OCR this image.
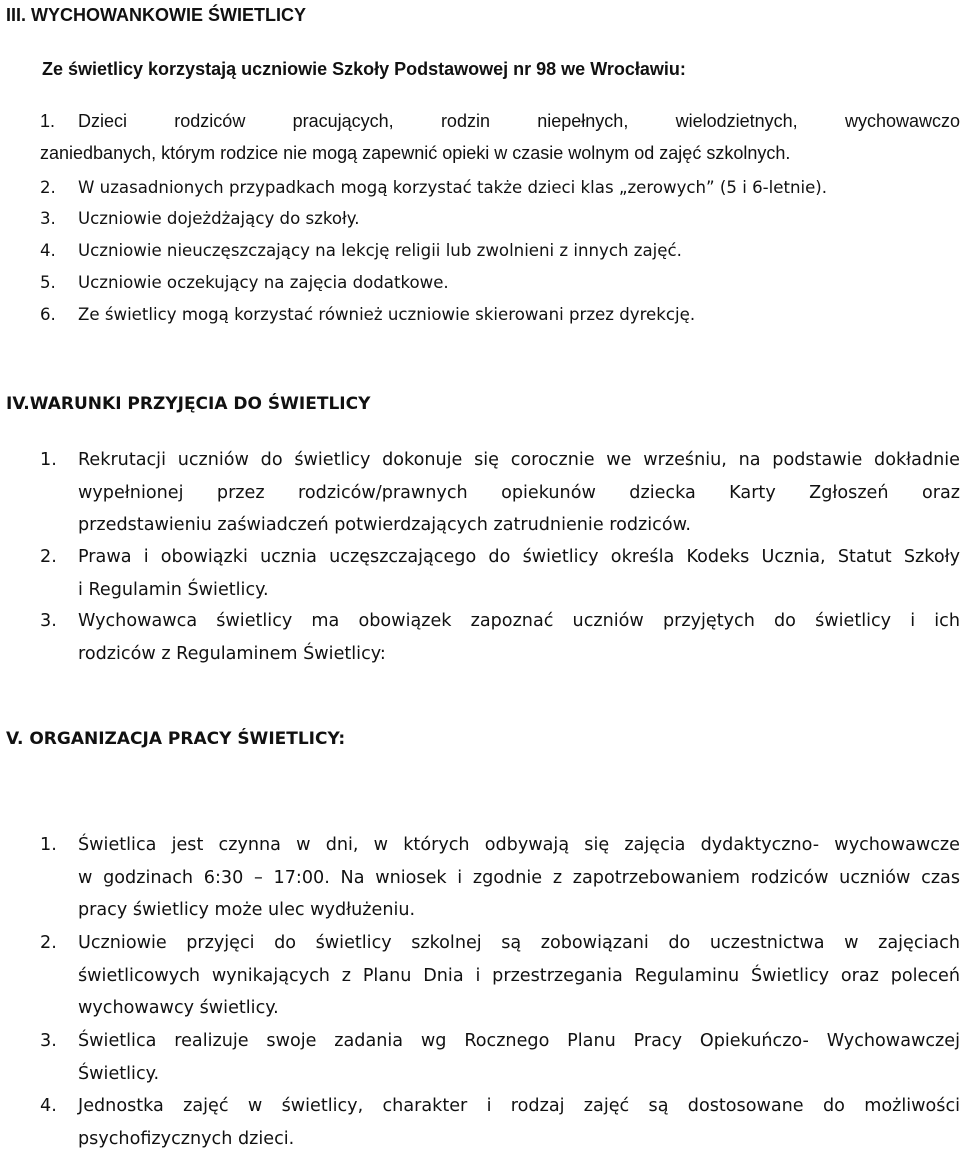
III. WYCHOWANKOWIE ŚWIETLICY
Ze świetlicy korzystają uczniowie Szkoły Podstawowej nr 98 we Wrocławiu:
1. Dzieci rodziców pracujących, rodzin niepełnych, wielodzietnych, wychowawczo
zaniedbanych, którym rodzice nie mogą zapewnić opieki w czasie wolnym od zajęć szkolnych.
2. W uzasadnionych przypadkach mogą korzystać także dzieci klas „zerowych” (5 i 6-letnie).
3. Uczniowie dojeżdżający do szkoły.
4. Uczniowie nieuczęszczający na lekcję religii lub zwolnieni z innych zajęć.
5. Uczniowie oczekujący na zajęcia dodatkowe.
6. Ze świetlicy mogą korzystać również uczniowie skierowani przez dyrekcję.
IV.WARUNKI PRZYJĘCIA DO ŚWIETLICY
1. Rekrutacji uczniów do świetlicy dokonuje się corocznie we wrześniu, na podstawie dokładnie
wypełnionej przez rodziców/prawnych opiekunów dziecka Karty Zgłoszeń oraz
przedstawieniu zaświadczeń potwierdzających zatrudnienie rodziców.
2. Prawa i obowiązki ucznia uczęszczającego do świetlicy określa Kodeks Ucznia, Statut Szkoły
i Regulamin Świetlicy.
3. Wychowawca świetlicy ma obowiązek zapoznać uczniów przyjętych do świetlicy i ich
rodziców z Regulaminem Świetlicy:
V. ORGANIZACJA PRACY ŚWIETLICY:
1. Świetlica jest czynna w dni, w których odbywają się zajęcia dydaktyczno- wychowawcze
w godzinach 6:30 – 17:00. Na wniosek i zgodnie z zapotrzebowaniem rodziców uczniów czas
pracy świetlicy może ulec wydłużeniu.
2. Uczniowie przyjęci do świetlicy szkolnej są zobowiązani do uczestnictwa w zajęciach
świetlicowych wynikających z Planu Dnia i przestrzegania Regulaminu Świetlicy oraz poleceń
wychowawcy świetlicy.
3. Świetlica realizuje swoje zadania wg Rocznego Planu Pracy Opiekuńczo- Wychowawczej
Świetlicy.
4. Jednostka zajęć w świetlicy, charakter i rodzaj zajęć są dostosowane do możliwości
psychofizycznych dzieci.
